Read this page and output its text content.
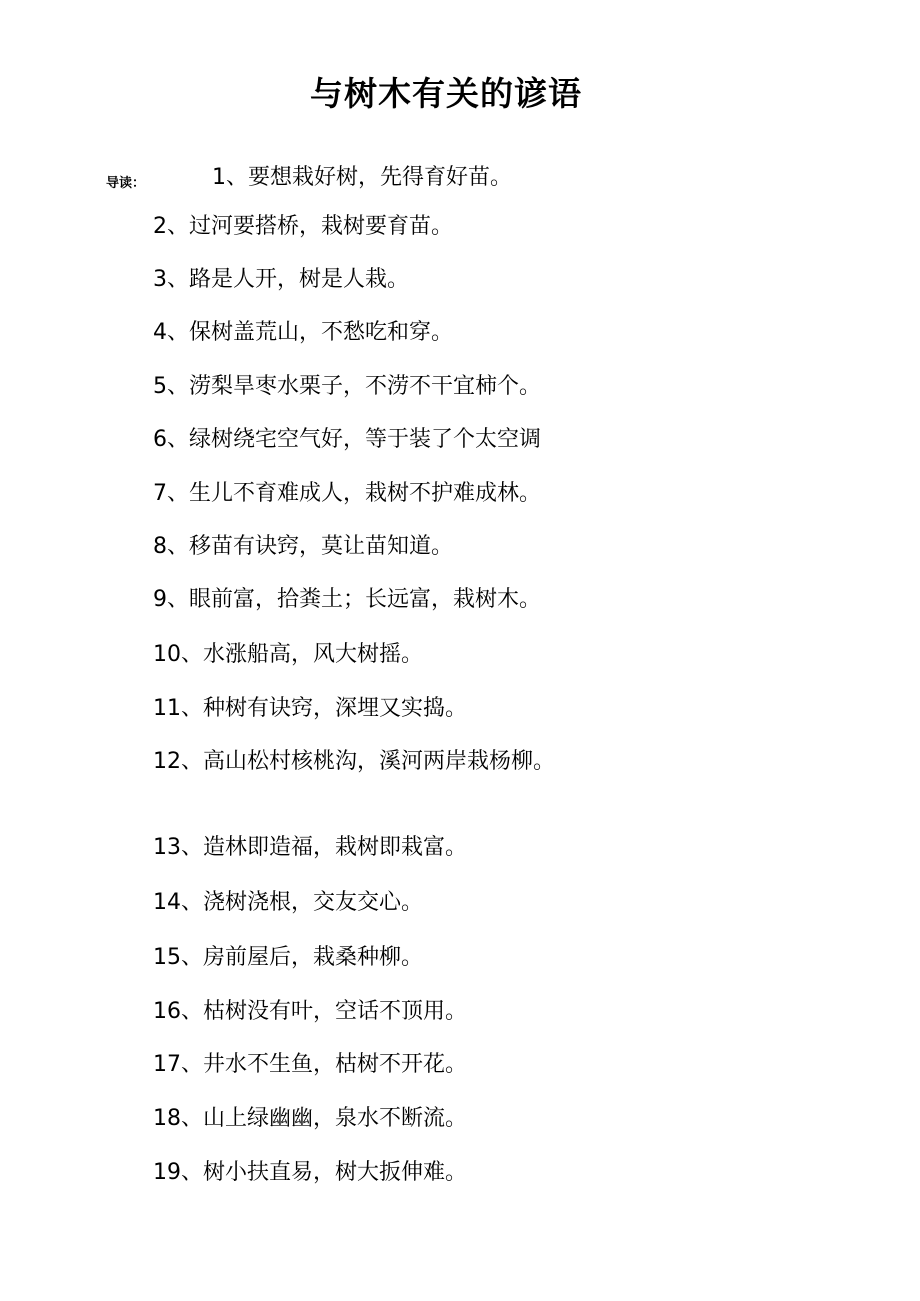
与树木有关的谚语
导读：	1、要想栽好树，先得育好苗。
2、过河要搭桥，栽树要育苗。
3、路是人开，树是人栽。
4、保树盖荒山，不愁吃和穿。
5、涝梨旱枣水栗子，不涝不干宜柿个。
6、绿树绕宅空气好，等于装了个太空调
7、生儿不育难成人，栽树不护难成林。
8、移苗有诀窍，莫让苗知道。
9、眼前富，拾粪土；长远富，栽树木。
10、水涨船高，风大树摇。
11、种树有诀窍，深埋又实捣。
12、高山松村核桃沟，溪河两岸栽杨柳。
13、造林即造福，栽树即栽富。
14、浇树浇根，交友交心。
15、房前屋后，栽桑种柳。
16、枯树没有叶，空话不顶用。
17、井水不生鱼，枯树不开花。
18、山上绿幽幽，泉水不断流。
19、树小扶直易，树大扳伸难。
